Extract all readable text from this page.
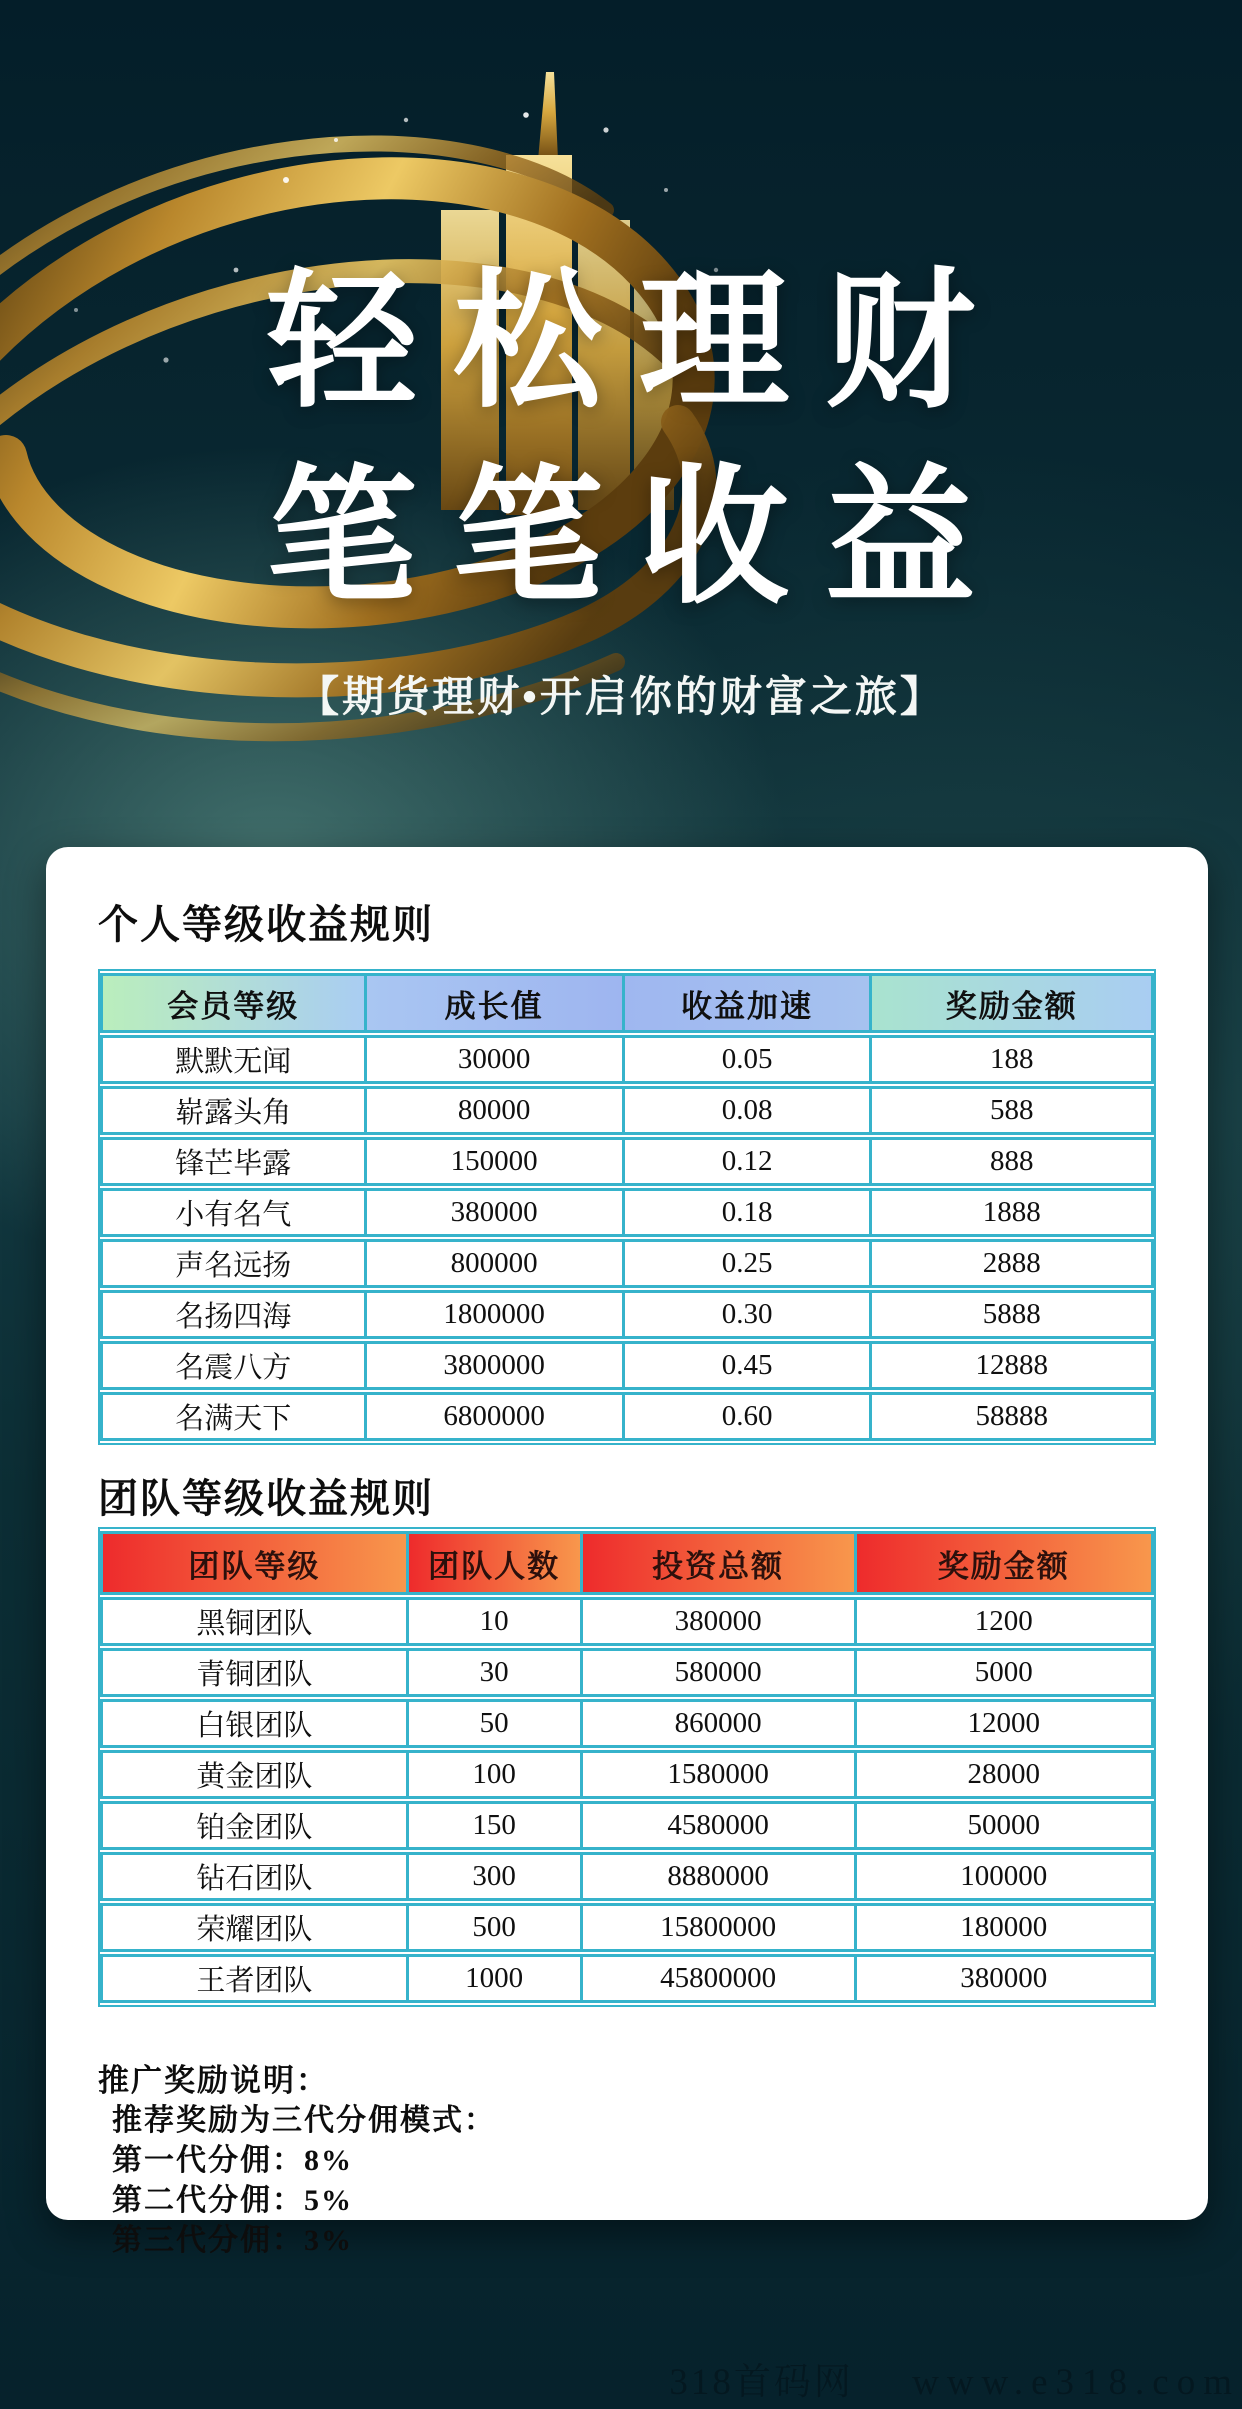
轻松理财
笔笔收益
【期货理财•开启你的财富之旅】
个人等级收益规则
会员等级	成长值	收益加速	奖励金额
默默无闻	30000	0.05	188
崭露头角	80000	0.08	588
锋芒毕露	150000	0.12	888
小有名气	380000	0.18	1888
声名远扬	800000	0.25	2888
名扬四海	1800000	0.30	5888
名震八方	3800000	0.45	12888
名满天下	6800000	0.60	58888
团队等级收益规则
团队等级	团队人数	投资总额	奖励金额
黑铜团队	10	380000	1200
青铜团队	30	580000	5000
白银团队	50	860000	12000
黄金团队	100	1580000	28000
铂金团队	150	4580000	50000
钻石团队	300	8880000	100000
荣耀团队	500	15800000	180000
王者团队	1000	45800000	380000
推广奖励说明：
推荐奖励为三代分佣模式：
第一代分佣：8%
第二代分佣：5%
第三代分佣：3%
318首码网 www.e318.com
